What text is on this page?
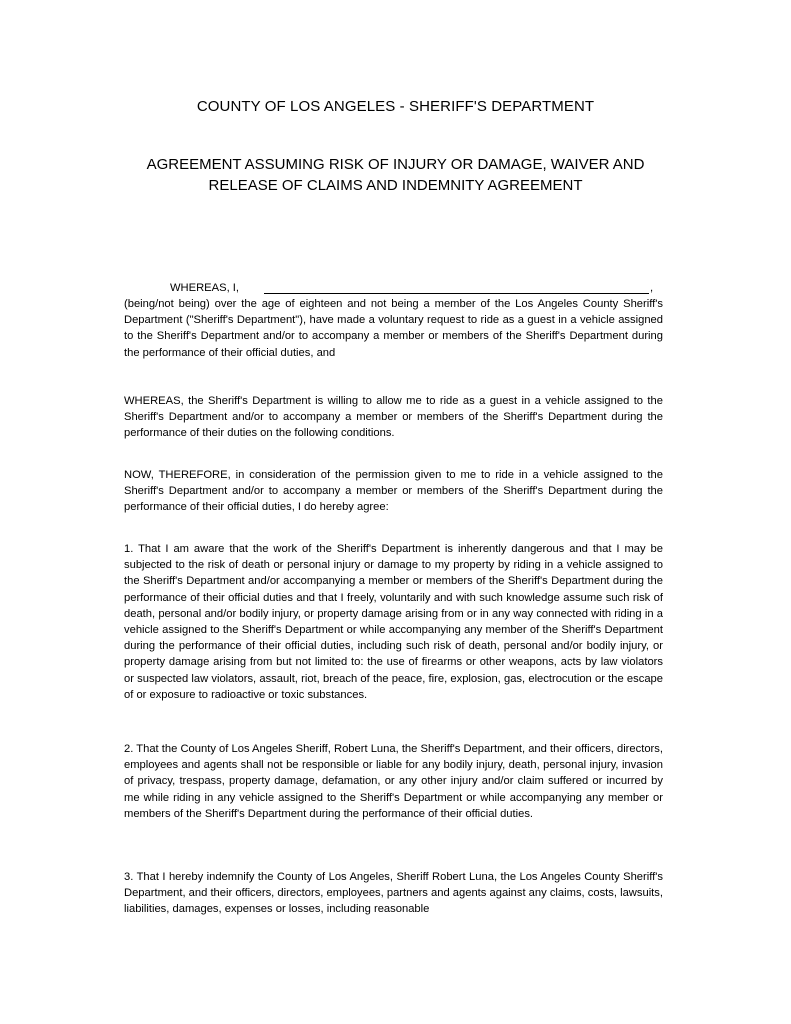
COUNTY OF LOS ANGELES - SHERIFF'S DEPARTMENT
AGREEMENT ASSUMING RISK OF INJURY OR DAMAGE, WAIVER AND
RELEASE OF CLAIMS AND INDEMNITY AGREEMENT
WHEREAS, I,	,
(being/not being) over the age of eighteen and not being a member of the Los Angeles County Sheriff's Department ("Sheriff's Department"), have made a voluntary request to ride as a guest in a vehicle assigned to the Sheriff's Department and/or to accompany a member or members of the Sheriff's Department during the performance of their official duties, and
WHEREAS, the Sheriff's Department is willing to allow me to ride as a guest in a vehicle assigned to the Sheriff's Department and/or to accompany a member or members of the Sheriff's Department during the performance of their duties on the following conditions.
NOW, THEREFORE, in consideration of the permission given to me to ride in a vehicle assigned to the Sheriff's Department and/or to accompany a member or members of the Sheriff's Department during the performance of their official duties, I do hereby agree:
1. That I am aware that the work of the Sheriff's Department is inherently dangerous and that I may be subjected to the risk of death or personal injury or damage to my property by riding in a vehicle assigned to the Sheriff's Department and/or accompanying a member or members of the Sheriff's Department during the performance of their official duties and that I freely, voluntarily and with such knowledge assume such risk of death, personal and/or bodily injury, or property damage arising from or in any way connected with riding in a vehicle assigned to the Sheriff's Department or while accompanying any member of the Sheriff's Department during the performance of their official duties, including such risk of death, personal and/or bodily injury, or property damage arising from but not limited to: the use of firearms or other weapons, acts by law violators or suspected law violators, assault, riot, breach of the peace, fire, explosion, gas, electrocution or the escape of or exposure to radioactive or toxic substances.
2. That the County of Los Angeles Sheriff, Robert Luna, the Sheriff's Department, and their officers, directors, employees and agents shall not be responsible or liable for any bodily injury, death, personal injury, invasion of privacy, trespass, property damage, defamation, or any other injury and/or claim suffered or incurred by me while riding in any vehicle assigned to the Sheriff's Department or while accompanying any member or members of the Sheriff's Department during the performance of their official duties.
3. That I hereby indemnify the County of Los Angeles, Sheriff Robert Luna, the Los Angeles County Sheriff's Department, and their officers, directors, employees, partners and agents against any claims, costs, lawsuits, liabilities, damages, expenses or losses, including reasonable
